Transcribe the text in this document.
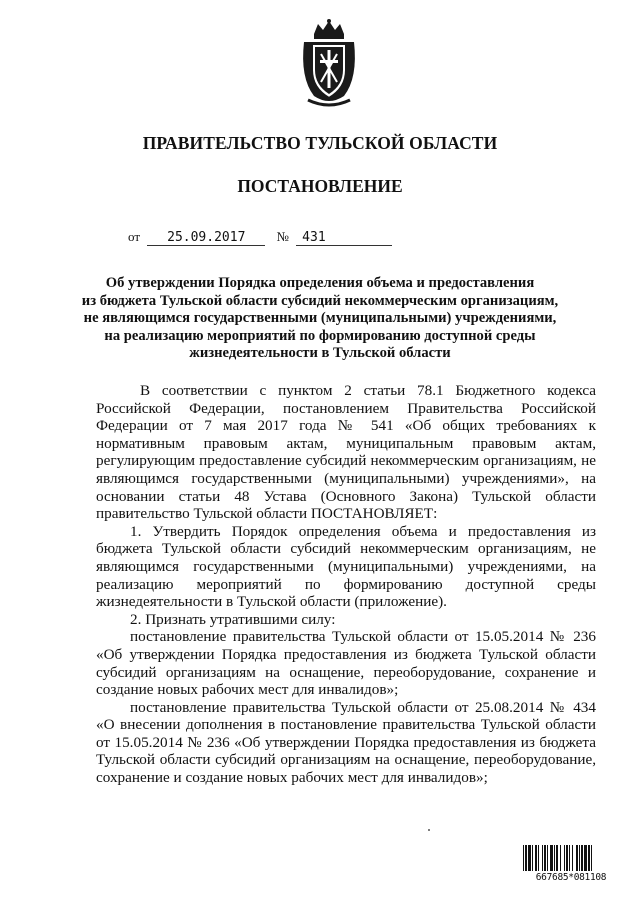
ПРАВИТЕЛЬСТВО ТУЛЬСКОЙ ОБЛАСТИ
ПОСТАНОВЛЕНИЕ
от 25.09.2017 № 431
Об утверждении Порядка определения объема и предоставления
из бюджета Тульской области субсидий некоммерческим организациям,
не являющимся государственными (муниципальными) учреждениями,
на реализацию мероприятий по формированию доступной среды
жизнедеятельности в Тульской области

В соответствии с пунктом 2 статьи 78.1 Бюджетного кодекса Российской Федерации, постановлением Правительства Российской Федерации от 7 мая 2017 года № 541 «Об общих требованиях к нормативным правовым актам, муниципальным правовым актам, регулирующим предоставление субсидий некоммерческим организациям, не являющимся государственными (муниципальными) учреждениями», на основании статьи 48 Устава (Основного Закона) Тульской области правительство Тульской области ПОСТАНОВЛЯЕТ:

1. Утвердить Порядок определения объема и предоставления из бюджета Тульской области субсидий некоммерческим организациям, не являющимся государственными (муниципальными) учреждениями, на реализацию мероприятий по формированию доступной среды жизнедеятельности в Тульской области (приложение).

2. Признать утратившими силу:

постановление правительства Тульской области от 15.05.2014 № 236 «Об утверждении Порядка предоставления из бюджета Тульской области субсидий организациям на оснащение, переоборудование, сохранение и создание новых рабочих мест для инвалидов»;

постановление правительства Тульской области от 25.08.2014 № 434 «О внесении дополнения в постановление правительства Тульской области от 15.05.2014 № 236 «Об утверждении Порядка предоставления из бюджета Тульской области субсидий организациям на оснащение, переоборудование, сохранение и создание новых рабочих мест для инвалидов»;

667685*081108
